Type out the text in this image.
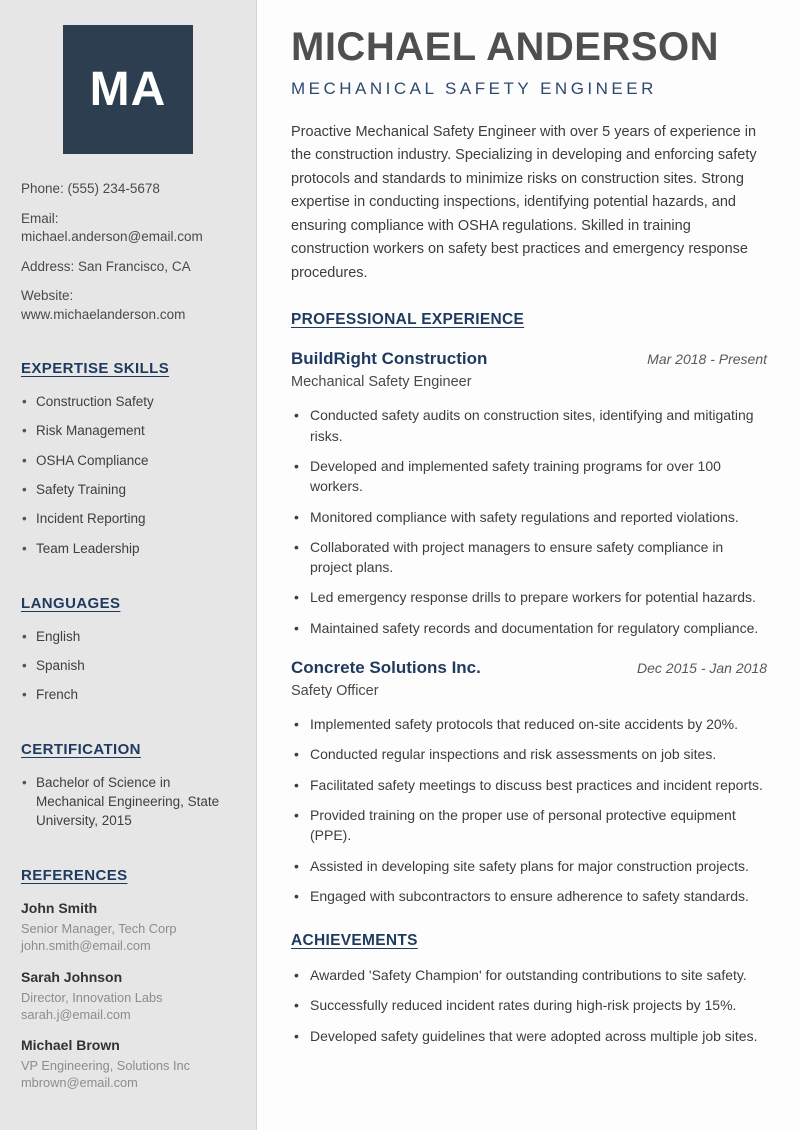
MA
Phone: (555) 234-5678
Email: michael.anderson@email.com
Address: San Francisco, CA
Website: www.michaelanderson.com
EXPERTISE SKILLS
• Construction Safety
• Risk Management
• OSHA Compliance
• Safety Training
• Incident Reporting
• Team Leadership
LANGUAGES
• English
• Spanish
• French
CERTIFICATION
• Bachelor of Science in Mechanical Engineering, State University, 2015
REFERENCES
John Smith
Senior Manager, Tech Corp
john.smith@email.com
Sarah Johnson
Director, Innovation Labs
sarah.j@email.com
Michael Brown
VP Engineering, Solutions Inc
mbrown@email.com
MICHAEL ANDERSON
MECHANICAL SAFETY ENGINEER

Proactive Mechanical Safety Engineer with over 5 years of experience in the construction industry. Specializing in developing and enforcing safety protocols and standards to minimize risks on construction sites. Strong expertise in conducting inspections, identifying potential hazards, and ensuring compliance with OSHA regulations. Skilled in training construction workers on safety best practices and emergency response procedures.

PROFESSIONAL EXPERIENCE
BuildRight Construction	Mar 2018 - Present
Mechanical Safety Engineer
• Conducted safety audits on construction sites, identifying and mitigating risks.
• Developed and implemented safety training programs for over 100 workers.
• Monitored compliance with safety regulations and reported violations.
• Collaborated with project managers to ensure safety compliance in project plans.
• Led emergency response drills to prepare workers for potential hazards.
• Maintained safety records and documentation for regulatory compliance.
Concrete Solutions Inc.	Dec 2015 - Jan 2018
Safety Officer
• Implemented safety protocols that reduced on-site accidents by 20%.
• Conducted regular inspections and risk assessments on job sites.
• Facilitated safety meetings to discuss best practices and incident reports.
• Provided training on the proper use of personal protective equipment (PPE).
• Assisted in developing site safety plans for major construction projects.
• Engaged with subcontractors to ensure adherence to safety standards.
ACHIEVEMENTS
• Awarded 'Safety Champion' for outstanding contributions to site safety.
• Successfully reduced incident rates during high-risk projects by 15%.
• Developed safety guidelines that were adopted across multiple job sites.
